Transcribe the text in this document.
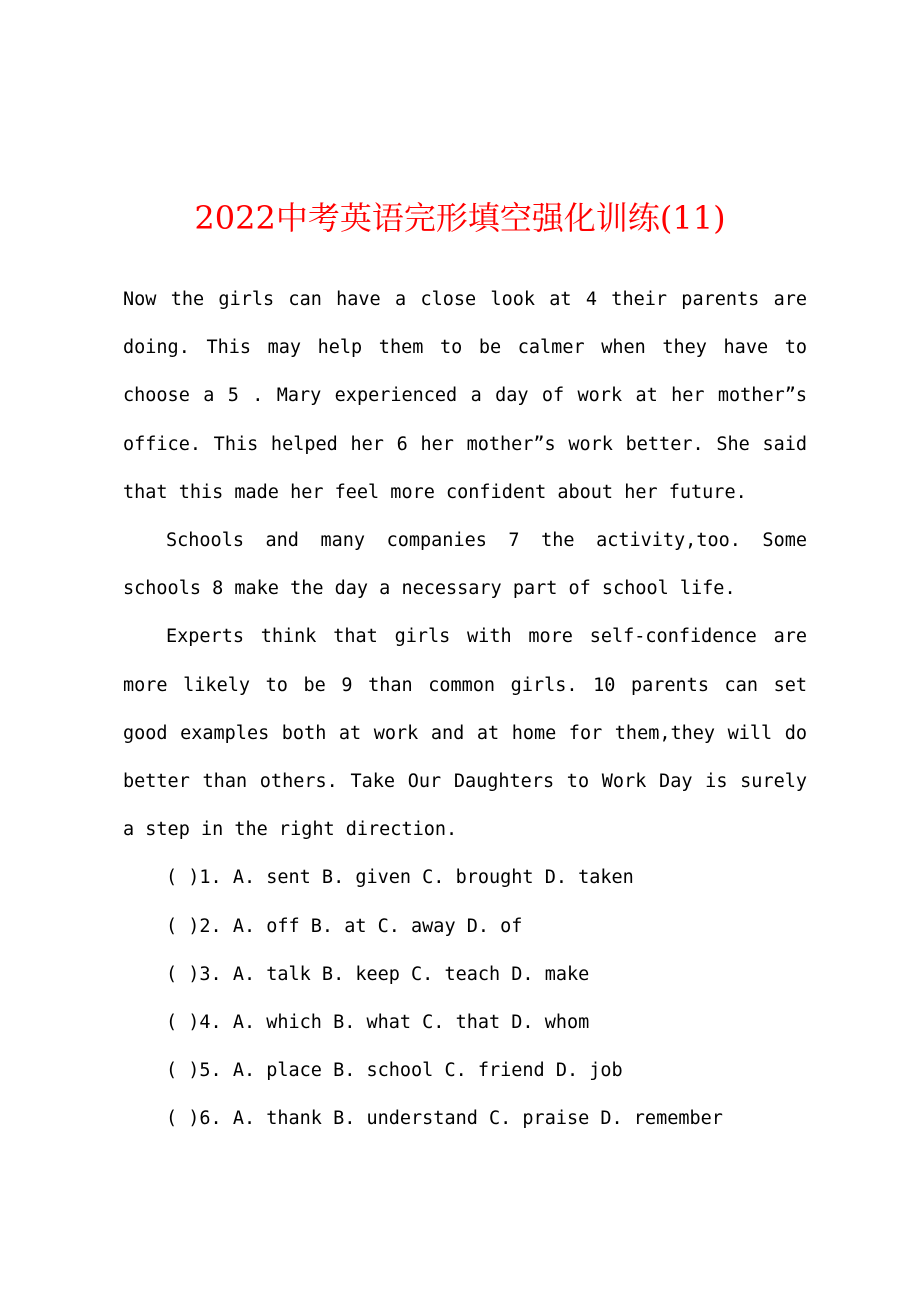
2022中考英语完形填空强化训练(11)

Now the girls can have a close look at 4 their parents are doing. This may help them to be calmer when they have to choose a 5 . Mary experienced a day of work at her mother”s office. This helped her 6 her mother”s work better. She said that this made her feel more confident about her future.

Schools and many companies 7 the activity,too. Some schools 8 make the day a necessary part of school life.

Experts think that girls with more self-confidence are more likely to be 9 than common girls. 10 parents can set good examples both at work and at home for them,they will do better than others. Take Our Daughters to Work Day is surely a step in the right direction.

( )1. A. sent B. given C. brought D. taken
( )2. A. off B. at C. away D. of
( )3. A. talk B. keep C. teach D. make
( )4. A. which B. what C. that D. whom
( )5. A. place B. school C. friend D. job
( )6. A. thank B. understand C. praise D. remember
